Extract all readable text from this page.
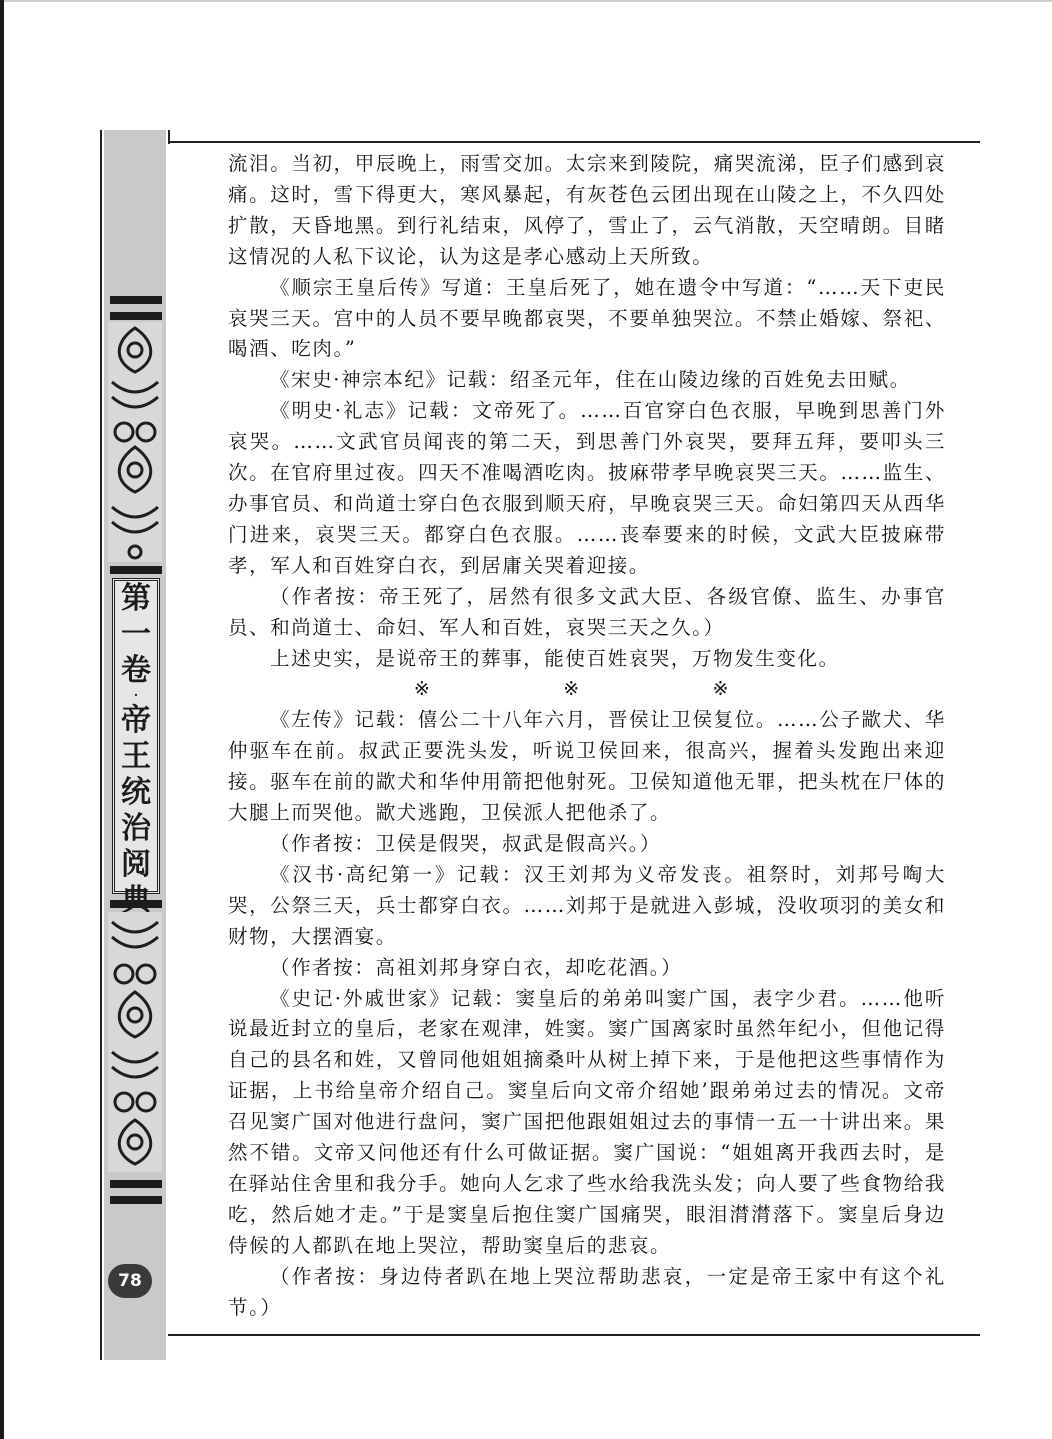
第
一
卷
·
帝
王
统
治
阅
78

流泪。当初，甲辰晚上，雨雪交加。太宗来到陵院，痛哭流涕，臣子们感到哀痛。这时，雪下得更大，寒风暴起，有灰苍色云团出现在山陵之上，不久四处扩散，天昏地黑。到行礼结束，风停了，雪止了，云气消散，天空晴朗。目睹这情况的人私下议论，认为这是孝心感动上天所致。

《顺宗王皇后传》写道：王皇后死了，她在遗令中写道：“……天下吏民哀哭三天。宫中的人员不要早晚都哀哭，不要单独哭泣。不禁止婚嫁、祭祀、喝酒、吃肉。”

《宋史·神宗本纪》记载：绍圣元年，住在山陵边缘的百姓免去田赋。

《明史·礼志》记载：文帝死了。……百官穿白色衣服，早晚到思善门外哀哭。……文武官员闻丧的第二天，到思善门外哀哭，要拜五拜，要叩头三次。在官府里过夜。四天不准喝酒吃肉。披麻带孝早晚哀哭三天。……监生、办事官员、和尚道士穿白色衣服到顺天府，早晚哀哭三天。命妇第四天从西华门进来，哀哭三天。都穿白色衣服。……丧奉要来的时候，文武大臣披麻带孝，军人和百姓穿白衣，到居庸关哭着迎接。

（作者按：帝王死了，居然有很多文武大臣、各级官僚、监生、办事官员、和尚道士、命妇、军人和百姓，哀哭三天之久。）

上述史实，是说帝王的葬事，能使百姓哀哭，万物发生变化。

※	※	※

《左传》记载：僖公二十八年六月，晋侯让卫侯复位。……公子歂犬、华仲驱车在前。叔武正要洗头发，听说卫侯回来，很高兴，握着头发跑出来迎接。驱车在前的歂犬和华仲用箭把他射死。卫侯知道他无罪，把头枕在尸体的大腿上而哭他。歂犬逃跑，卫侯派人把他杀了。

（作者按：卫侯是假哭，叔武是假高兴。）

《汉书·高纪第一》记载：汉王刘邦为义帝发丧。祖祭时，刘邦号啕大哭，公祭三天，兵士都穿白衣。……刘邦于是就进入彭城，没收项羽的美女和财物，大摆酒宴。

（作者按：高祖刘邦身穿白衣，却吃花酒。）

《史记·外戚世家》记载：窦皇后的弟弟叫窦广国，表字少君。……他听说最近封立的皇后，老家在观津，姓窦。窦广国离家时虽然年纪小，但他记得自己的县名和姓，又曾同他姐姐摘桑叶从树上掉下来，于是他把这些事情作为证据，上书给皇帝介绍自己。窦皇后向文帝介绍她’跟弟弟过去的情况。文帝召见窦广国对他进行盘问，窦广国把他跟姐姐过去的事情一五一十讲出来。果然不错。文帝又问他还有什么可做证据。窦广国说：“姐姐离开我西去时，是在驿站住舍里和我分手。她向人乞求了些水给我洗头发；向人要了些食物给我吃，然后她才走。”于是窦皇后抱住窦广国痛哭，眼泪潸潸落下。窦皇后身边侍候的人都趴在地上哭泣，帮助窦皇后的悲哀。

（作者按：身边侍者趴在地上哭泣帮助悲哀，一定是帝王家中有这个礼节。）
